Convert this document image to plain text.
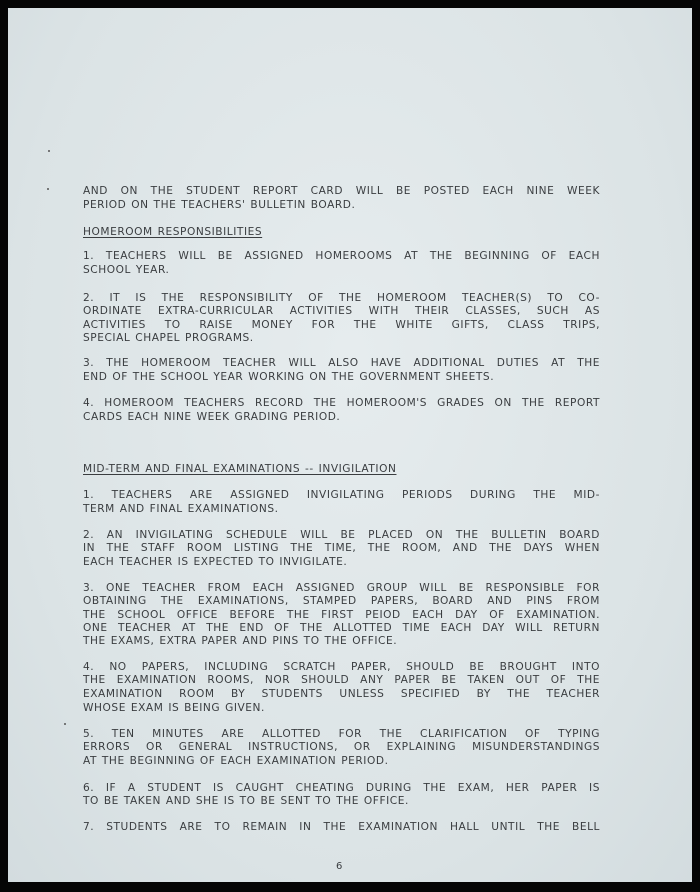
AND ON THE STUDENT REPORT CARD WILL BE POSTED EACH NINE WEEK
PERIOD ON THE TEACHERS' BULLETIN BOARD.
HOMEROOM RESPONSIBILITIES
1. TEACHERS WILL BE ASSIGNED HOMEROOMS AT THE BEGINNING OF EACH
SCHOOL YEAR.
2. IT IS THE RESPONSIBILITY OF THE HOMEROOM TEACHER(S) TO CO-
ORDINATE EXTRA-CURRICULAR ACTIVITIES WITH THEIR CLASSES, SUCH AS
ACTIVITIES TO RAISE MONEY FOR THE WHITE GIFTS, CLASS TRIPS,
SPECIAL CHAPEL PROGRAMS.
3. THE HOMEROOM TEACHER WILL ALSO HAVE ADDITIONAL DUTIES AT THE
END OF THE SCHOOL YEAR WORKING ON THE GOVERNMENT SHEETS.
4. HOMEROOM TEACHERS RECORD THE HOMEROOM'S GRADES ON THE REPORT
CARDS EACH NINE WEEK GRADING PERIOD.
MID-TERM AND FINAL EXAMINATIONS -- INVIGILATION
1. TEACHERS ARE ASSIGNED INVIGILATING PERIODS DURING THE MID-
TERM AND FINAL EXAMINATIONS.
2. AN INVIGILATING SCHEDULE WILL BE PLACED ON THE BULLETIN BOARD
IN THE STAFF ROOM LISTING THE TIME, THE ROOM, AND THE DAYS WHEN
EACH TEACHER IS EXPECTED TO INVIGILATE.
3. ONE TEACHER FROM EACH ASSIGNED GROUP WILL BE RESPONSIBLE FOR
OBTAINING THE EXAMINATIONS, STAMPED PAPERS, BOARD AND PINS FROM
THE SCHOOL OFFICE BEFORE THE FIRST PEIOD EACH DAY OF EXAMINATION.
ONE TEACHER AT THE END OF THE ALLOTTED TIME EACH DAY WILL RETURN
THE EXAMS, EXTRA PAPER AND PINS TO THE OFFICE.
4. NO PAPERS, INCLUDING SCRATCH PAPER, SHOULD BE BROUGHT INTO
THE EXAMINATION ROOMS, NOR SHOULD ANY PAPER BE TAKEN OUT OF THE
EXAMINATION ROOM BY STUDENTS UNLESS SPECIFIED BY THE TEACHER
WHOSE EXAM IS BEING GIVEN.
5. TEN MINUTES ARE ALLOTTED FOR THE CLARIFICATION OF TYPING
ERRORS OR GENERAL INSTRUCTIONS, OR EXPLAINING MISUNDERSTANDINGS
AT THE BEGINNING OF EACH EXAMINATION PERIOD.
6. IF A STUDENT IS CAUGHT CHEATING DURING THE EXAM, HER PAPER IS
TO BE TAKEN AND SHE IS TO BE SENT TO THE OFFICE.
7. STUDENTS ARE TO REMAIN IN THE EXAMINATION HALL UNTIL THE BELL
6
